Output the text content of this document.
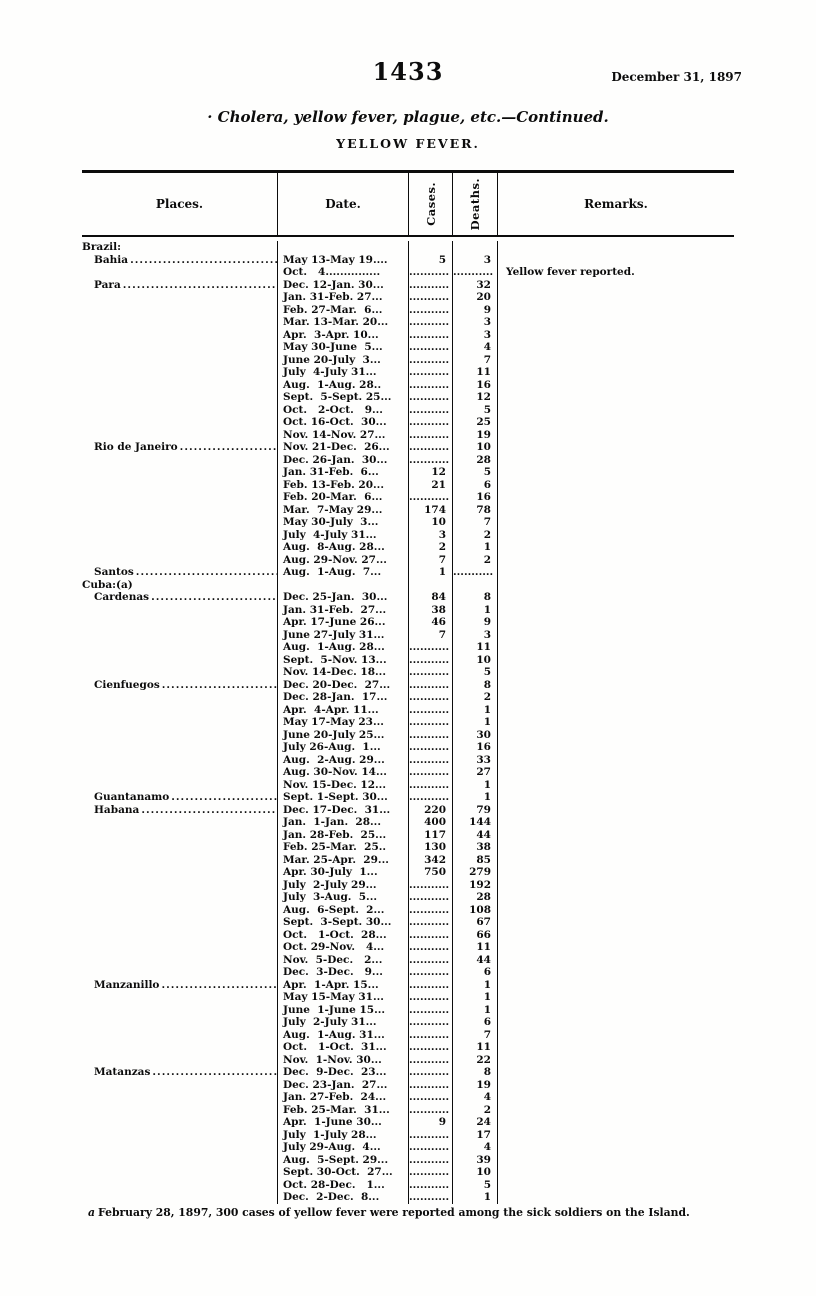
1433	December 31, 1897
· Cholera, yellow fever, plague, etc.—Continued.
YELLOW FEVER.
Places.	Date.	Cases.	Deaths.	Remarks.
Brazil:
Bahia .....	May 13-May 19....	5	3
Oct.   4...............	........... ...........	Yellow fever reported.
Para .....	Dec. 12-Jan. 30...	...........	32
Jan. 31-Feb. 27...	...........	20
Feb. 27-Mar.  6...	...........	9
Mar. 13-Mar. 20...	...........	3
Apr.  3-Apr. 10...	...........	3
May 30-June  5...	...........	4
June 20-July  3...	...........	7
July  4-July 31...	...........	11
Aug.  1-Aug. 28..	...........	16
Sept.  5-Sept. 25...	...........	12
Oct.   2-Oct.   9...	...........	5
Oct. 16-Oct.  30...	...........	25
Nov. 14-Nov. 27...	...........	19
Rio de Janeiro .....	Nov. 21-Dec.  26...	...........	10
Dec. 26-Jan.  30...	...........	28
Jan. 31-Feb.  6...	12	5
Feb. 13-Feb. 20...	21	6
Feb. 20-Mar.  6...	...........	16
Mar.  7-May 29...	174	78
May 30-July  3...	10	7
July  4-July 31...	3	2
Aug.  8-Aug. 28...	2	1
Aug. 29-Nov. 27...	7	2
Santos .....	Aug.  1-Aug.  7...	1 ...........
Cuba:(a)
Cardenas .....	Dec. 25-Jan.  30...	84	8
Jan. 31-Feb.  27...	38	1
Apr. 17-June 26...	46	9
June 27-July 31...	7	3
Aug.  1-Aug. 28...	...........	11
Sept.  5-Nov. 13...	...........	10
Nov. 14-Dec. 18...	...........	5
Cienfuegos .....	Dec. 20-Dec.  27...	...........	8
Dec. 28-Jan.  17...	...........	2
Apr.  4-Apr. 11...	...........	1
May 17-May 23...	...........	1
June 20-July 25...	...........	30
July 26-Aug.  1...	...........	16
Aug.  2-Aug. 29...	...........	33
Aug. 30-Nov. 14...	...........	27
Nov. 15-Dec. 12...	...........	1
Guantanamo .....	Sept. 1-Sept. 30...	...........	1
Habana .....	Dec. 17-Dec.  31...	220	79
Jan.  1-Jan.  28...	400	144
Jan. 28-Feb.  25...	117	44
Feb. 25-Mar.  25..	130	38
Mar. 25-Apr.  29...	342	85
Apr. 30-July  1...	750	279
July  2-July 29...	...........	192
July  3-Aug.  5...	...........	28
Aug.  6-Sept.  2...	...........	108
Sept.  3-Sept. 30...	...........	67
Oct.   1-Oct.  28...	...........	66
Oct. 29-Nov.   4...	...........	11
Nov.  5-Dec.   2...	...........	44
Dec.  3-Dec.   9...	...........	6
Manzanillo .....	Apr.  1-Apr. 15...	...........	1
May 15-May 31...	...........	1
June  1-June 15...	...........	1
July  2-July 31...	...........	6
Aug.  1-Aug. 31...	...........	7
Oct.   1-Oct.  31...	...........	11
Nov.  1-Nov. 30...	...........	22
Matanzas .....	Dec.  9-Dec.  23...	...........	8
Dec. 23-Jan.  27...	...........	19
Jan. 27-Feb.  24...	...........	4
Feb. 25-Mar.  31...	...........	2
Apr.  1-June 30...	9	24
July  1-July 28...	...........	17
July 29-Aug.  4...	...........	4
Aug.  5-Sept. 29...	...........	39
Sept. 30-Oct.  27...	...........	10
Oct. 28-Dec.   1...	...........	5
Dec.  2-Dec.  8...	...........	1
a February 28, 1897, 300 cases of yellow fever were reported among the sick soldiers on the Island.
